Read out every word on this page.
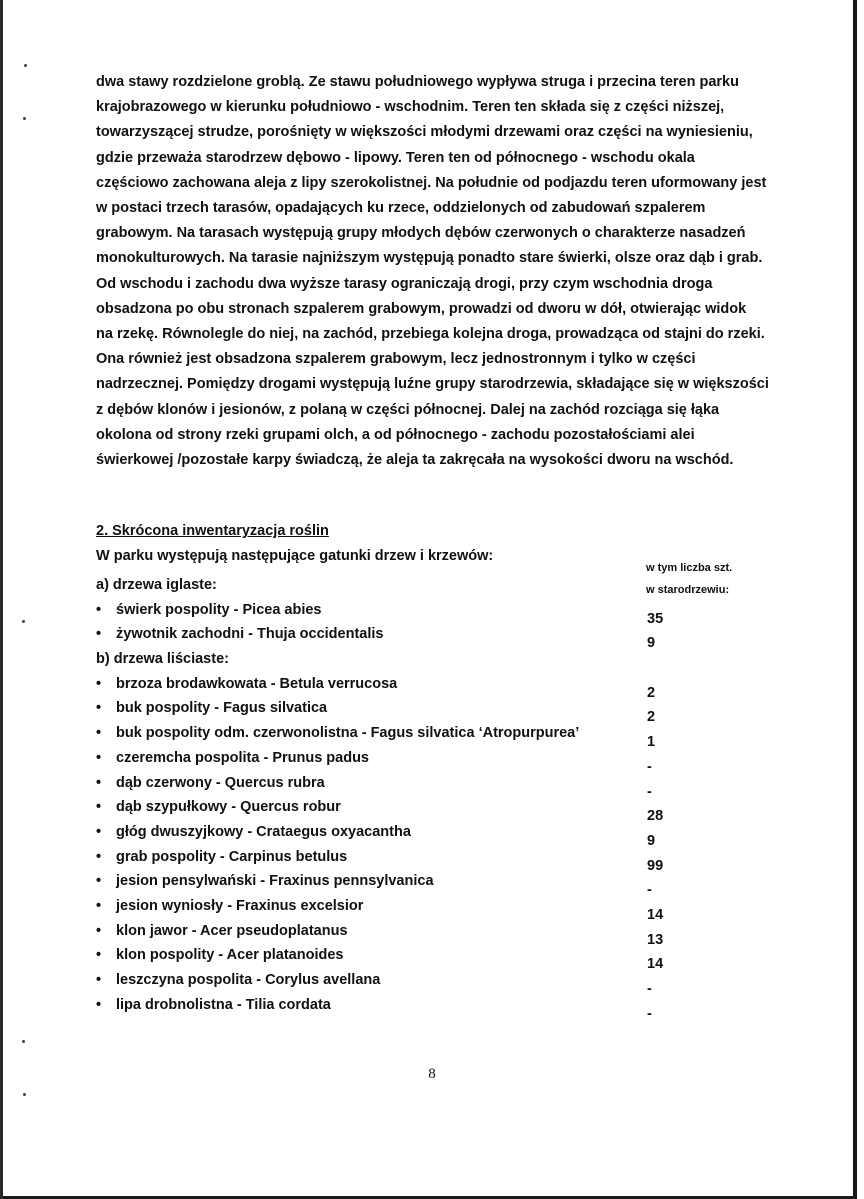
dwa stawy rozdzielone groblą. Ze stawu południowego wypływa struga i przecina teren parku

krajobrazowego w kierunku południowo - wschodnim. Teren ten składa się z części niższej,

towarzyszącej strudze, porośnięty w większości młodymi drzewami oraz części na wyniesieniu,

gdzie przeważa starodrzew dębowo - lipowy. Teren ten od północnego - wschodu okala

częściowo zachowana aleja z lipy szerokolistnej. Na południe od podjazdu teren uformowany jest

w postaci trzech tarasów, opadających ku rzece, oddzielonych od zabudowań szpalerem

grabowym. Na tarasach występują grupy młodych dębów czerwonych o charakterze nasadzeń

monokulturowych. Na tarasie najniższym występują ponadto stare świerki, olsze oraz dąb i grab.

Od wschodu i zachodu dwa wyższe tarasy ograniczają drogi, przy czym wschodnia droga

obsadzona po obu stronach szpalerem grabowym, prowadzi od dworu w dół, otwierając widok

na rzekę. Równolegle do niej, na zachód, przebiega kolejna droga, prowadząca od stajni do rzeki.

Ona również jest obsadzona szpalerem grabowym, lecz jednostronnym i tylko w części

nadrzecznej. Pomiędzy drogami występują luźne grupy starodrzewia, składające się w większości

z dębów klonów i jesionów, z polaną w części północnej. Dalej na zachód rozciąga się łąka

okolona od strony rzeki grupami olch, a od północnego - zachodu pozostałościami alei

świerkowej /pozostałe karpy świadczą, że aleja ta zakręcała na wysokości dworu na wschód.

2. Skrócona inwentaryzacja roślin
W parku występują następujące gatunki drzew i krzewów:
w tym liczba szt.
w starodrzewiu:
a) drzewa iglaste:
• świerk pospolity - Picea abies
35
• żywotnik zachodni - Thuja occidentalis
9
b) drzewa liściaste:
• brzoza brodawkowata - Betula verrucosa
2
• buk pospolity - Fagus silvatica
2
• buk pospolity odm. czerwonolistna - Fagus silvatica ‘Atropurpurea’
1
• czeremcha pospolita - Prunus padus
-
• dąb czerwony - Quercus rubra
-
• dąb szypułkowy - Quercus robur
28
• głóg dwuszyjkowy - Crataegus oxyacantha
9
• grab pospolity - Carpinus betulus
99
• jesion pensylwański - Fraxinus pennsylvanica
-
• jesion wyniosły - Fraxinus excelsior
14
• klon jawor - Acer pseudoplatanus
13
• klon pospolity - Acer platanoides
14
• leszczyna pospolita - Corylus avellana
-
• lipa drobnolistna - Tilia cordata
-
8
